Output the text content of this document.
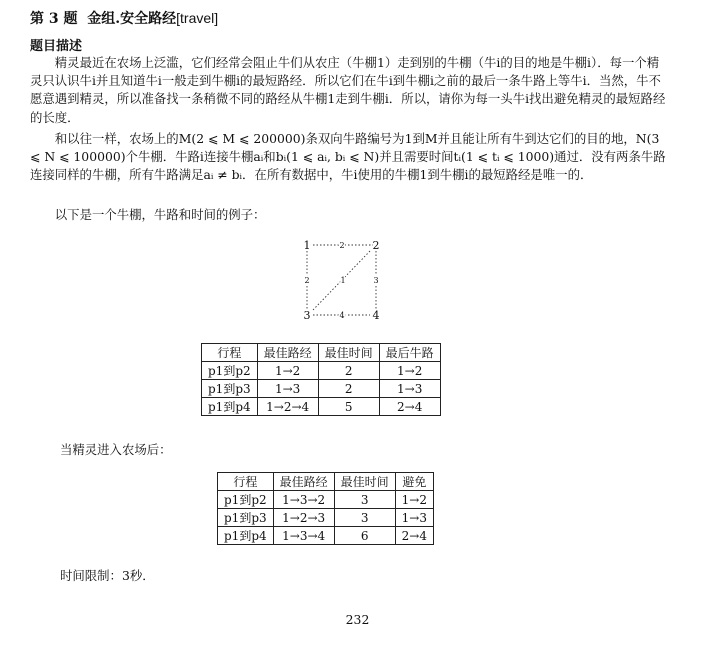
第 3 题 金组.安全路经[travel]
题目描述
精灵最近在农场上泛滥，它们经常会阻止牛们从农庄（牛棚1）走到别的牛棚（牛i的目的地是牛棚i）．每一个精灵只认识牛i并且知道牛i一般走到牛棚i的最短路经．所以它们在牛i到牛棚i之前的最后一条牛路上等牛i．当然，牛不愿意遇到精灵，所以准备找一条稍微不同的路经从牛棚1走到牛棚i．所以，请你为每一头牛i找出避免精灵的最短路经的长度．
和以往一样，农场上的M(2 ⩽ M ⩽ 200000)条双向牛路编号为1到M并且能让所有牛到达它们的目的地，N(3 ⩽ N ⩽ 100000)个牛棚．牛路i连接牛棚aᵢ和bᵢ(1 ⩽ aᵢ, bᵢ ⩽ N)并且需要时间tᵢ(1 ⩽ tᵢ ⩽ 1000)通过．没有两条牛路连接同样的牛棚，所有牛路满足aᵢ ≠ bᵢ．在所有数据中，牛i使用的牛棚1到牛棚i的最短路经是唯一的．
以下是一个牛棚，牛路和时间的例子：
1	2
3	4
2
2	1	3
4
行程	最佳路经	最佳时间	最后牛路
p1到p2	1→2	2	1→2
p1到p3	1→3	2	1→3
p1到p4	1→2→4	5	2→4
当精灵进入农场后：
行程	最佳路经	最佳时间	避免
p1到p2	1→3→2	3	1→2
p1到p3	1→2→3	3	1→3
p1到p4	1→3→4	6	2→4
时间限制：3秒．
232
